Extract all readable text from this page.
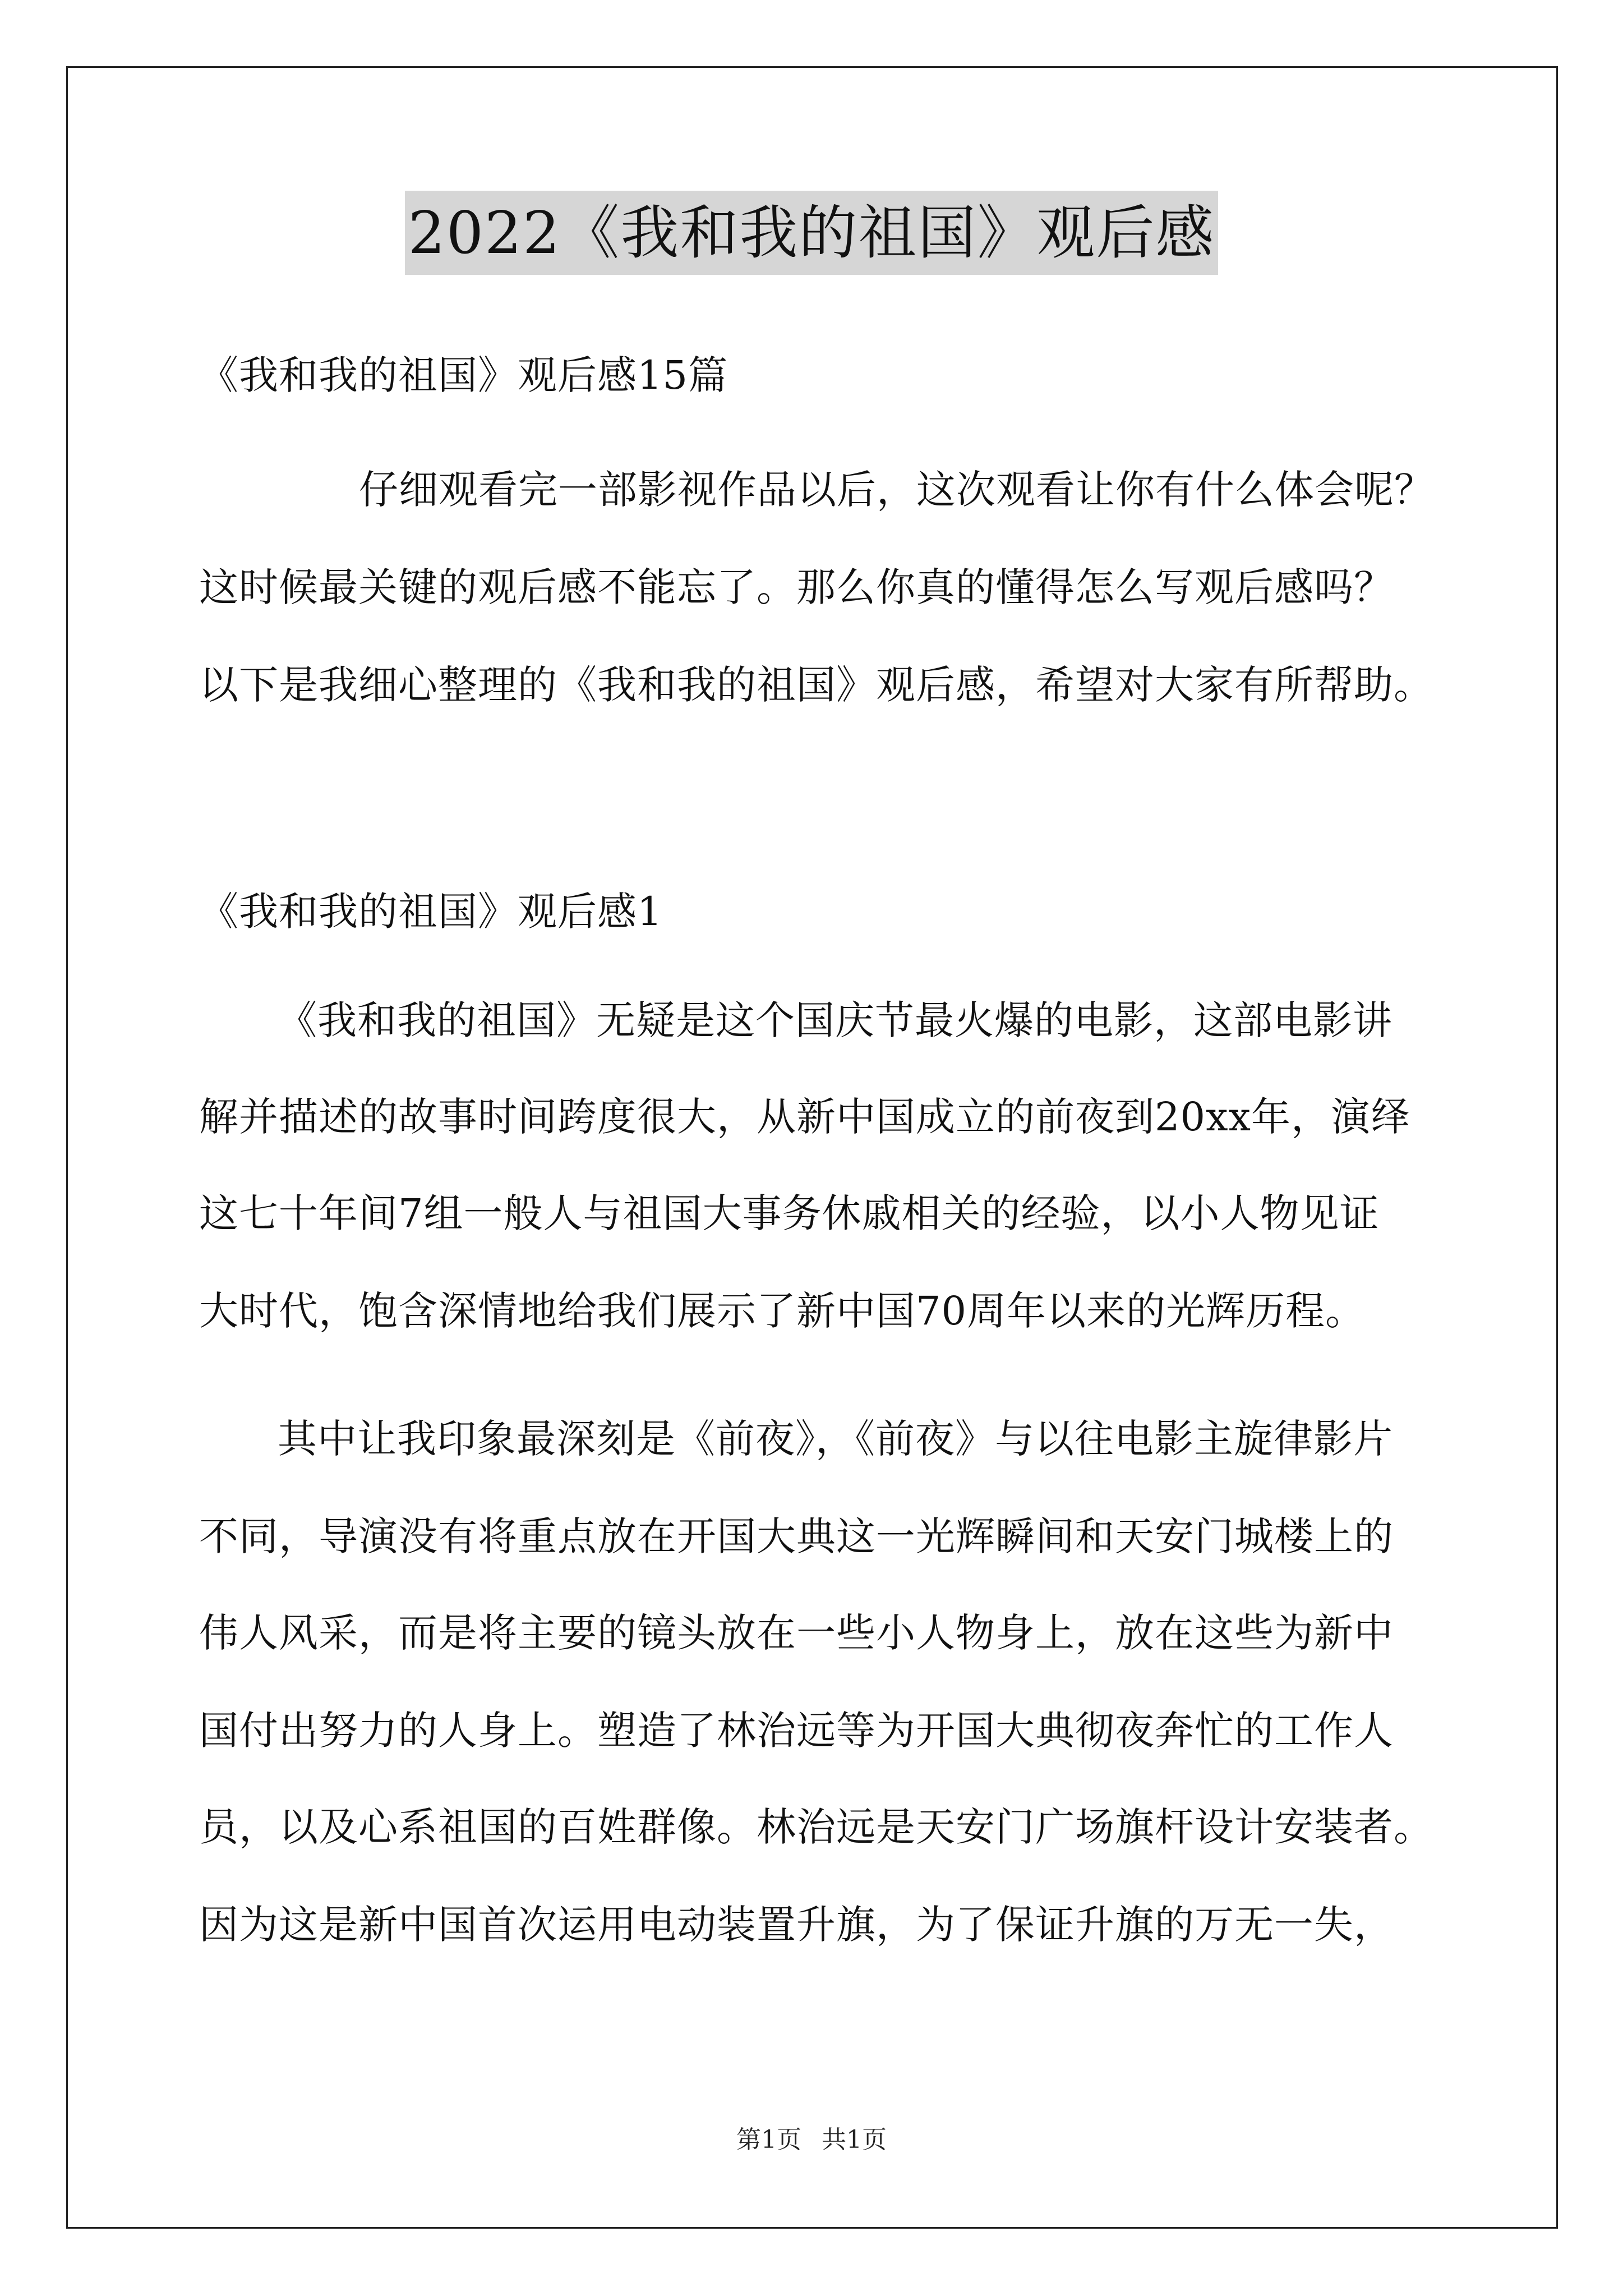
2022《我和我的祖国》观后感
《我和我的祖国》观后感15篇
仔细观看完一部影视作品以后，这次观看让你有什么体会呢？
这时候最关键的观后感不能忘了。那么你真的懂得怎么写观后感吗？
以下是我细心整理的《我和我的祖国》观后感，希望对大家有所帮助。
《我和我的祖国》观后感1
《我和我的祖国》无疑是这个国庆节最火爆的电影，这部电影讲
解并描述的故事时间跨度很大，从新中国成立的前夜到20xx年，演绎
这七十年间7组一般人与祖国大事务休戚相关的经验，以小人物见证
大时代，饱含深情地给我们展示了新中国70周年以来的光辉历程。
其中让我印象最深刻是《前夜》，《前夜》与以往电影主旋律影片
不同，导演没有将重点放在开国大典这一光辉瞬间和天安门城楼上的
伟人风采，而是将主要的镜头放在一些小人物身上，放在这些为新中
国付出努力的人身上。塑造了林治远等为开国大典彻夜奔忙的工作人
员，以及心系祖国的百姓群像。林治远是天安门广场旗杆设计安装者。
因为这是新中国首次运用电动装置升旗，为了保证升旗的万无一失，
第1页 共1页
